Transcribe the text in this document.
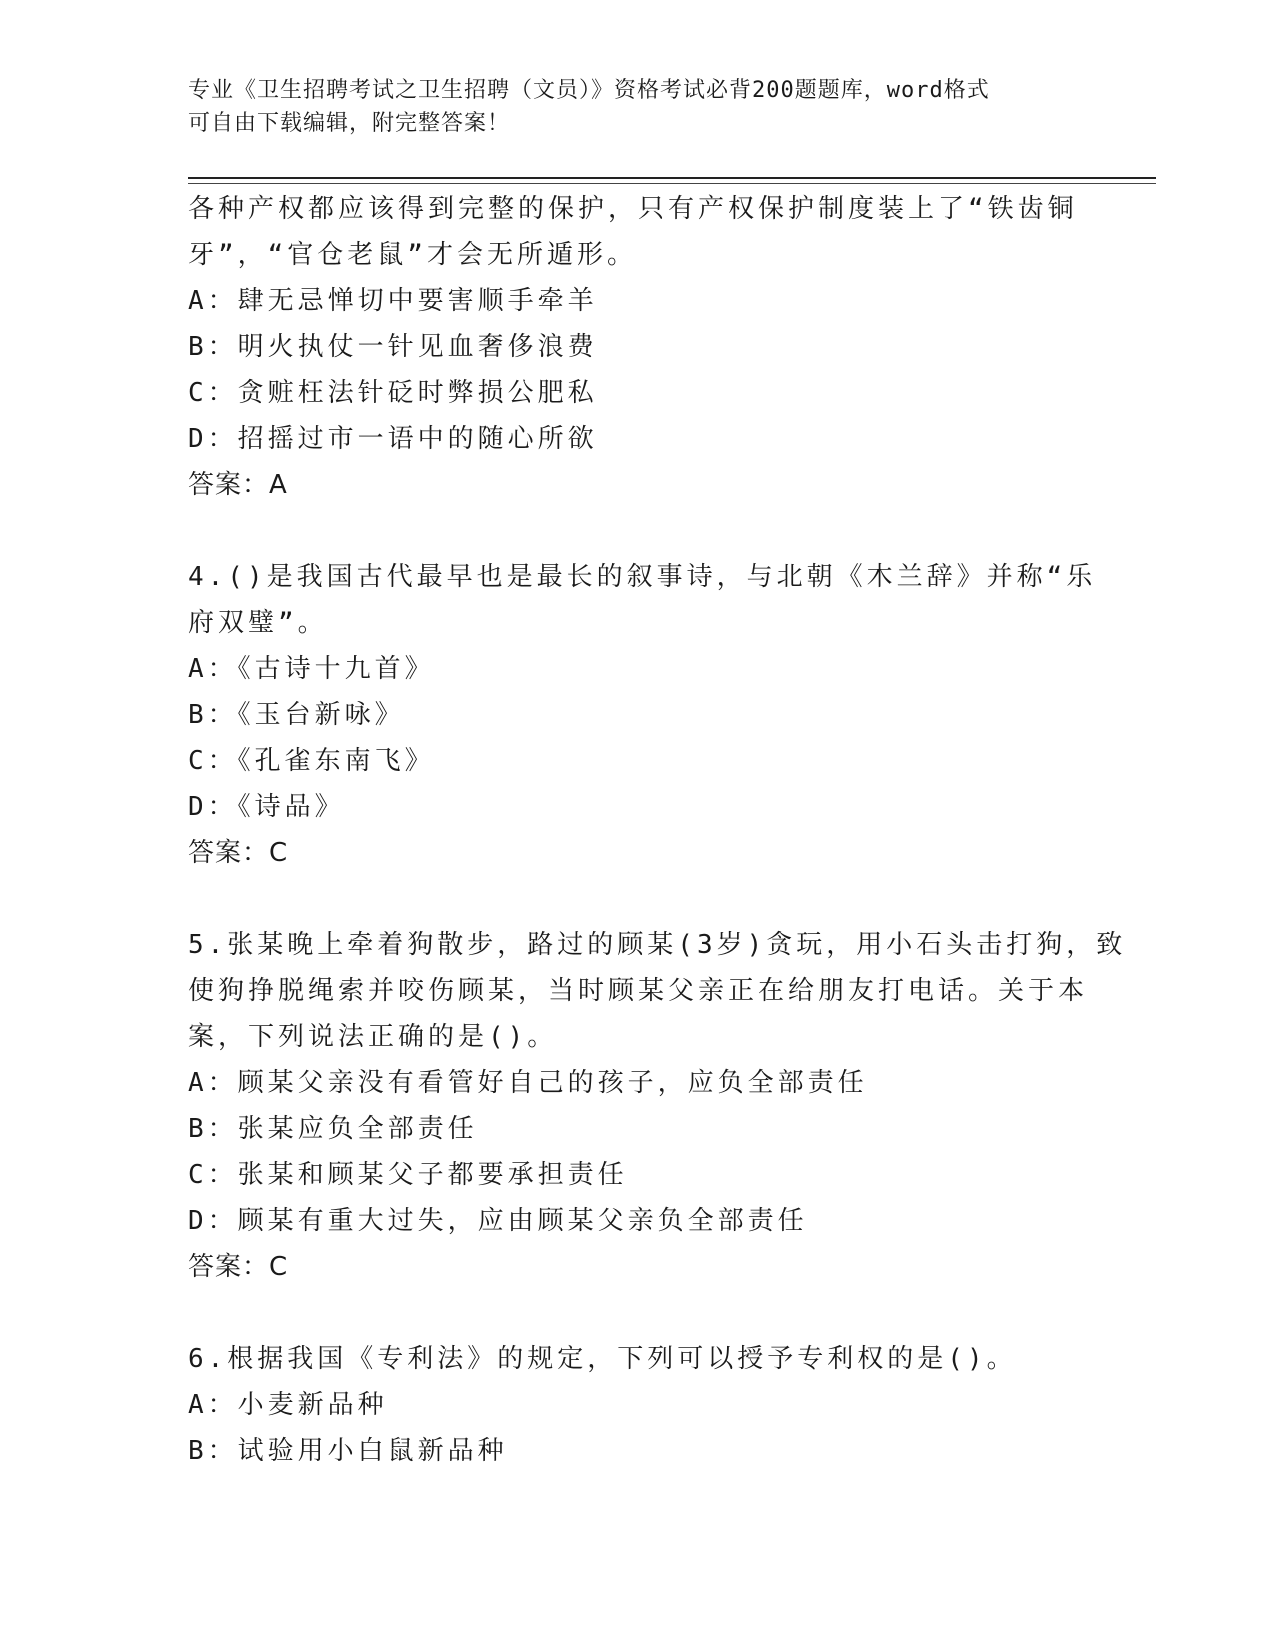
专业《卫生招聘考试之卫生招聘（文员）》资格考试必背200题题库，word格式
可自由下载编辑，附完整答案！
各种产权都应该得到完整的保护，只有产权保护制度装上了“铁齿铜
牙”，“官仓老鼠”才会无所遁形。
A：肆无忌惮切中要害顺手牵羊
B：明火执仗一针见血奢侈浪费
C：贪赃枉法针砭时弊损公肥私
D：招摇过市一语中的随心所欲
答案：A
4.()是我国古代最早也是最长的叙事诗，与北朝《木兰辞》并称“乐
府双璧”。
A：《古诗十九首》
B：《玉台新咏》
C：《孔雀东南飞》
D：《诗品》
答案：C
5.张某晚上牵着狗散步，路过的顾某(3岁)贪玩，用小石头击打狗，致
使狗挣脱绳索并咬伤顾某，当时顾某父亲正在给朋友打电话。关于本
案，下列说法正确的是()。
A：顾某父亲没有看管好自己的孩子，应负全部责任
B：张某应负全部责任
C：张某和顾某父子都要承担责任
D：顾某有重大过失，应由顾某父亲负全部责任
答案：C
6.根据我国《专利法》的规定，下列可以授予专利权的是()。
A：小麦新品种
B：试验用小白鼠新品种
